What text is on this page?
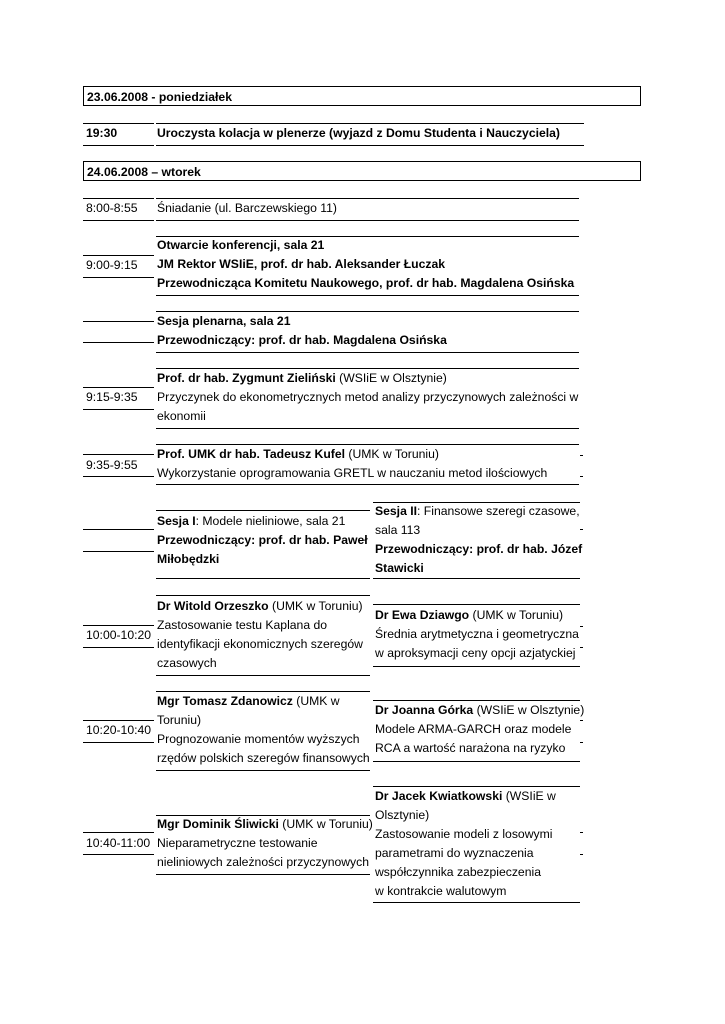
23.06.2008 - poniedziałek
19:30	Uroczysta kolacja w plenerze (wyjazd z Domu Studenta i Nauczyciela)
24.06.2008 – wtorek
8:00-8:55 Śniadanie (ul. Barczewskiego 11)
Otwarcie konferencji, sala 21
9:00-9:15 JM Rektor WSIiE, prof. dr hab. Aleksander Łuczak
Przewodnicząca Komitetu Naukowego, prof. dr hab. Magdalena Osińska
Sesja plenarna, sala 21
Przewodniczący: prof. dr hab. Magdalena Osińska
Prof. dr hab. Zygmunt Zieliński (WSIiE w Olsztynie)
9:15-9:35 Przyczynek do ekonometrycznych metod analizy przyczynowych zależności w
ekonomii
Prof. UMK dr hab. Tadeusz Kufel (UMK w Toruniu)
9:35-9:55
Wykorzystanie oprogramowania GRETL w nauczaniu metod ilościowych
Sesja I: Modele nieliniowe, sala 21
Przewodniczący: prof. dr hab. Paweł
Miłobędzki
Sesja II: Finansowe szeregi czasowe,
sala 113
Przewodniczący: prof. dr hab. Józef
Stawicki
Dr Witold Orzeszko (UMK w Toruniu)
Zastosowanie testu Kaplana do
10:00-10:20
identyfikacji ekonomicznych szeregów
czasowych
Dr Ewa Dziawgo (UMK w Toruniu)
Średnia arytmetyczna i geometryczna
w aproksymacji ceny opcji azjatyckiej
Mgr Tomasz Zdanowicz (UMK w
Toruniu)
10:20-10:40
Prognozowanie momentów wyższych
rzędów polskich szeregów finansowych
Dr Joanna Górka (WSIiE w Olsztynie)
Modele ARMA-GARCH oraz modele
RCA a wartość narażona na ryzyko
Mgr Dominik Śliwicki (UMK w Toruniu)
10:40-11:00 Nieparametryczne testowanie
nieliniowych zależności przyczynowych
Dr Jacek Kwiatkowski (WSIiE w
Olsztynie)
Zastosowanie modeli z losowymi
parametrami do wyznaczenia
współczynnika zabezpieczenia
w kontrakcie walutowym
